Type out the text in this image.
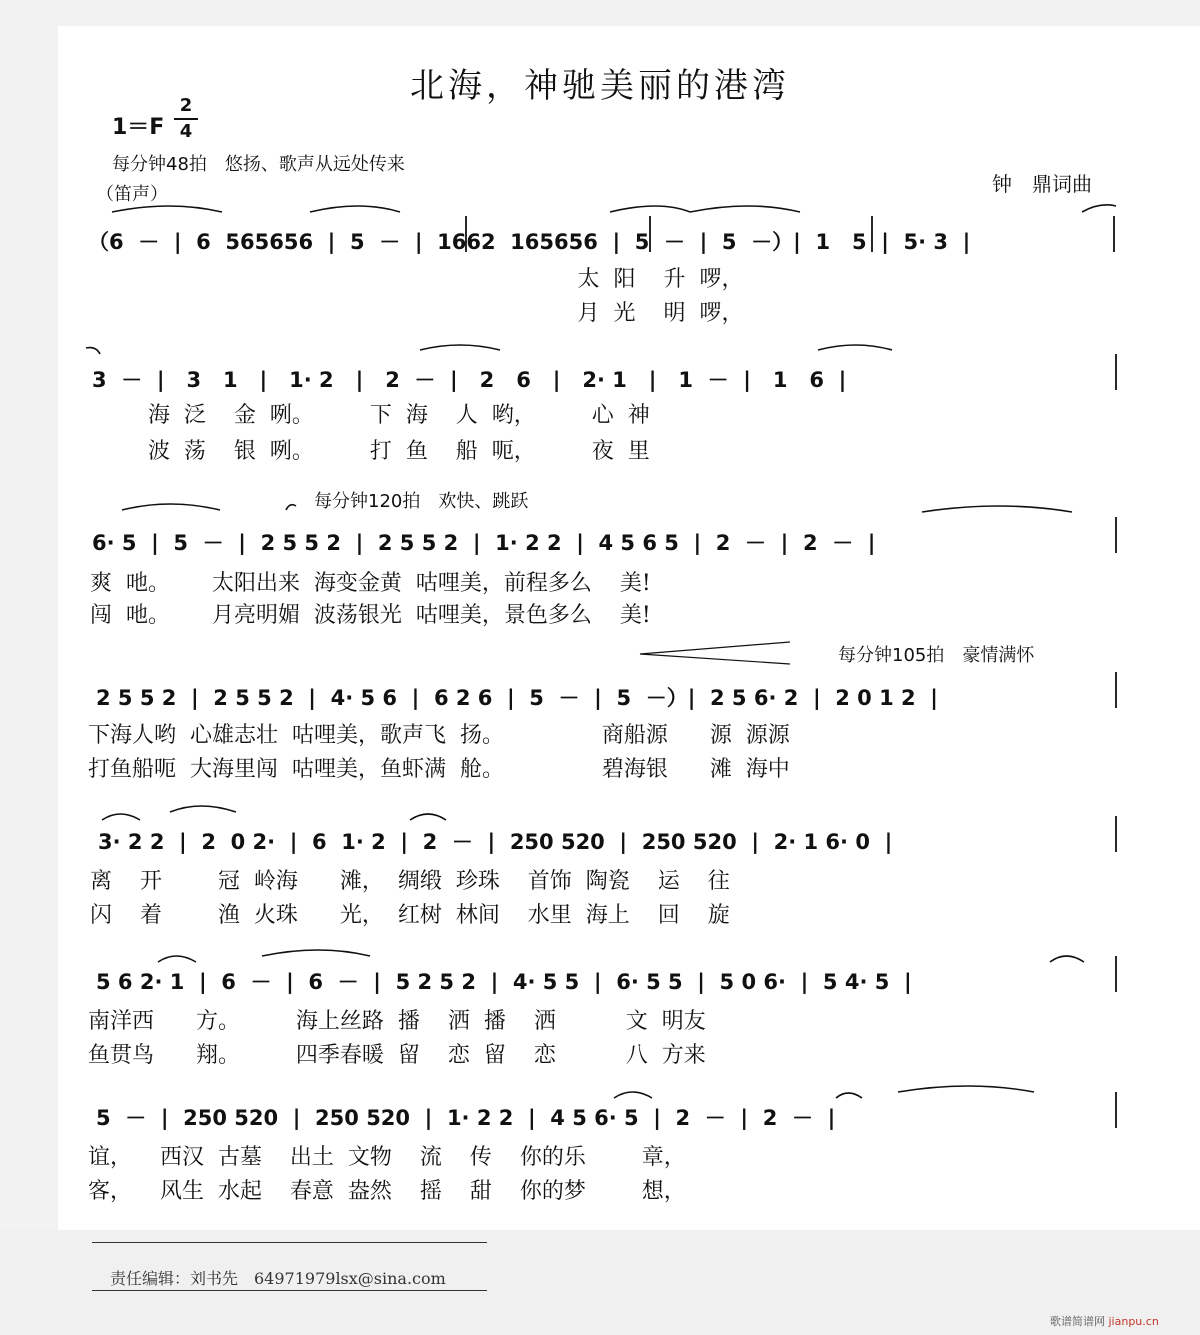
北海，神驰美丽的港湾
1＝F
2
4
每分钟48拍　悠扬、歌声从远处传来
（笛声）	钟　鼎词曲
每分钟120拍　欢快、跳跃
每分钟105拍　豪情满怀
（6  －  |  6  565656  |  5  －  |  1662  165656  |  5  －  |  5  －）|  1   5  |  5· 3  |
太  阳    升  啰，
月  光    明  啰，
3  －  |   3   1   |   1· 2   |   2  －  |   2   6   |   2· 1   |   1  －  |   1   6  |
海  泛    金  咧。        下  海    人  哟，        心  神
波  荡    银  咧。        打  鱼    船  呃，        夜  里
6· 5  |  5  －  |  2 5 5 2  |  2 5 5 2  |  1· 2 2  |  4 5 6 5  |  2  －  |  2  －  |
爽  吔。      太阳出来  海变金黄  咕哩美，前程多么    美!
闯  吔。      月亮明媚  波荡银光  咕哩美，景色多么    美!
2 5 5 2  |  2 5 5 2  |  4· 5 6  |  6 2 6  |  5  －  |  5  －）|  2 5 6· 2  |  2 0 1 2  |
下海人哟  心雄志壮  咕哩美，歌声飞  扬。              商船源      源  源源
打鱼船呃  大海里闯  咕哩美，鱼虾满  舱。              碧海银      滩  海中
3· 2 2  |  2  0 2·  |  6  1· 2  |  2  －  |  250 520  |  250 520  |  2· 1 6· 0  |
离    开        冠  岭海      滩，  绸缎  珍珠    首饰  陶瓷    运    往
闪    着        渔  火珠      光，  红树  林间    水里  海上    回    旋
5 6 2· 1  |  6  －  |  6  －  |  5 2 5 2  |  4· 5 5  |  6· 5 5  |  5 0 6·  |  5 4· 5  |
南洋西      方。        海上丝路  播    洒  播    洒          文  明友
鱼贯鸟      翔。        四季春暖  留    恋  留    恋          八  方来
5  －  |  250 520  |  250 520  |  1· 2 2  |  4 5 6· 5  |  2  －  |  2  －  |
谊，    西汉  古墓    出土  文物    流    传    你的乐        章，
客，    风生  水起    春意  盎然    摇    甜    你的梦        想，
责任编辑：刘书先　64971979lsx@sina.com
歌谱简谱网 jianpu.cn
